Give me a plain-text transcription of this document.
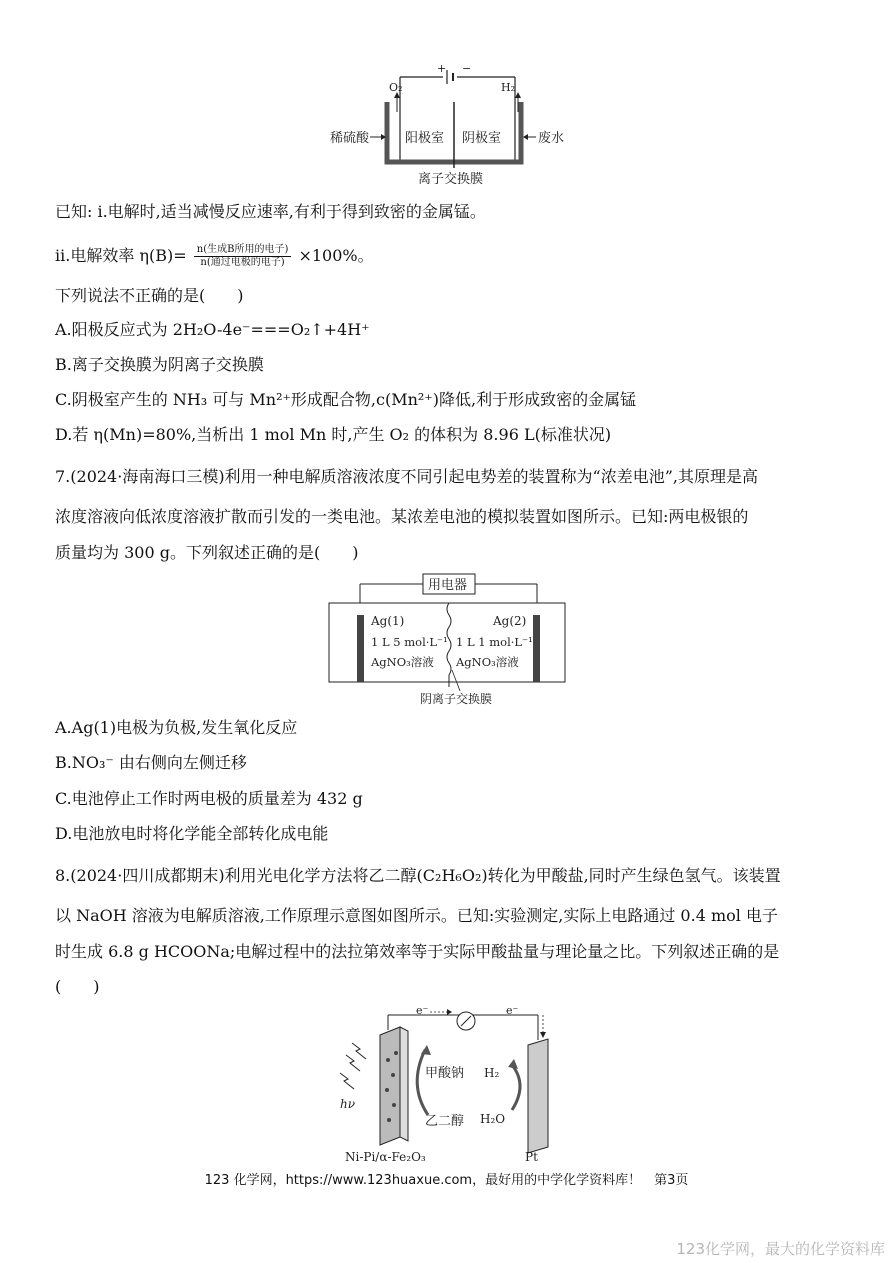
+ −
O₂	H₂
稀硫酸	阳极室 阴极室	废水
离子交换膜
已知: ⅰ.电解时,适当减慢反应速率,有利于得到致密的金属锰。
ⅱ.电解效率 $\eta(B)= \frac{\text{n(生成B所用的电子)}}{\text{n(通过电极的电子)}} \times 100\%$。
下列说法不正确的是(　　)
A.阳极反应式为 2H₂O-4e⁻===O₂↑+4H⁺
B.离子交换膜为阴离子交换膜
C.阴极室产生的 NH₃ 可与 Mn²⁺形成配合物,c(Mn²⁺)降低,利于形成致密的金属锰
D.若 η(Mn)=80%,当析出 1 mol Mn 时,产生 O₂ 的体积为 8.96 L(标准状况)
7.(2024·海南海口三模)利用一种电解质溶液浓度不同引起电势差的装置称为“浓差电池”,其原理是高
浓度溶液向低浓度溶液扩散而引发的一类电池。某浓差电池的模拟装置如图所示。已知:两电极银的
质量均为 300 g。下列叙述正确的是(　　)
用电器
Ag(1)
1 L 5 mol·L⁻¹
AgNO₃溶液
Ag(2)
1 L 1 mol·L⁻¹
AgNO₃溶液
阴离子交换膜
A.Ag(1)电极为负极,发生氧化反应
B.NO₃⁻ 由右侧向左侧迁移
C.电池停止工作时两电极的质量差为 432 g
D.电池放电时将化学能全部转化成电能
8.(2024·四川成都期末)利用光电化学方法将乙二醇(C₂H₆O₂)转化为甲酸盐,同时产生绿色氢气。该装置
以 NaOH 溶液为电解质溶液,工作原理示意图如图所示。已知:实验测定,实际上电路通过 0.4 mol 电子
时生成 6.8 g HCOONa;电解过程中的法拉第效率等于实际甲酸盐量与理论量之比。下列叙述正确的是
(　　)
e⁻	e⁻
hν
甲酸钠
乙二醇
H₂
H₂O
Ni-Pi/α-Fe₂O₃	Pt
123 化学网，https://www.123huaxue.com，最好用的中学化学资料库！　第3页
123化学网，最大的化学资料库
